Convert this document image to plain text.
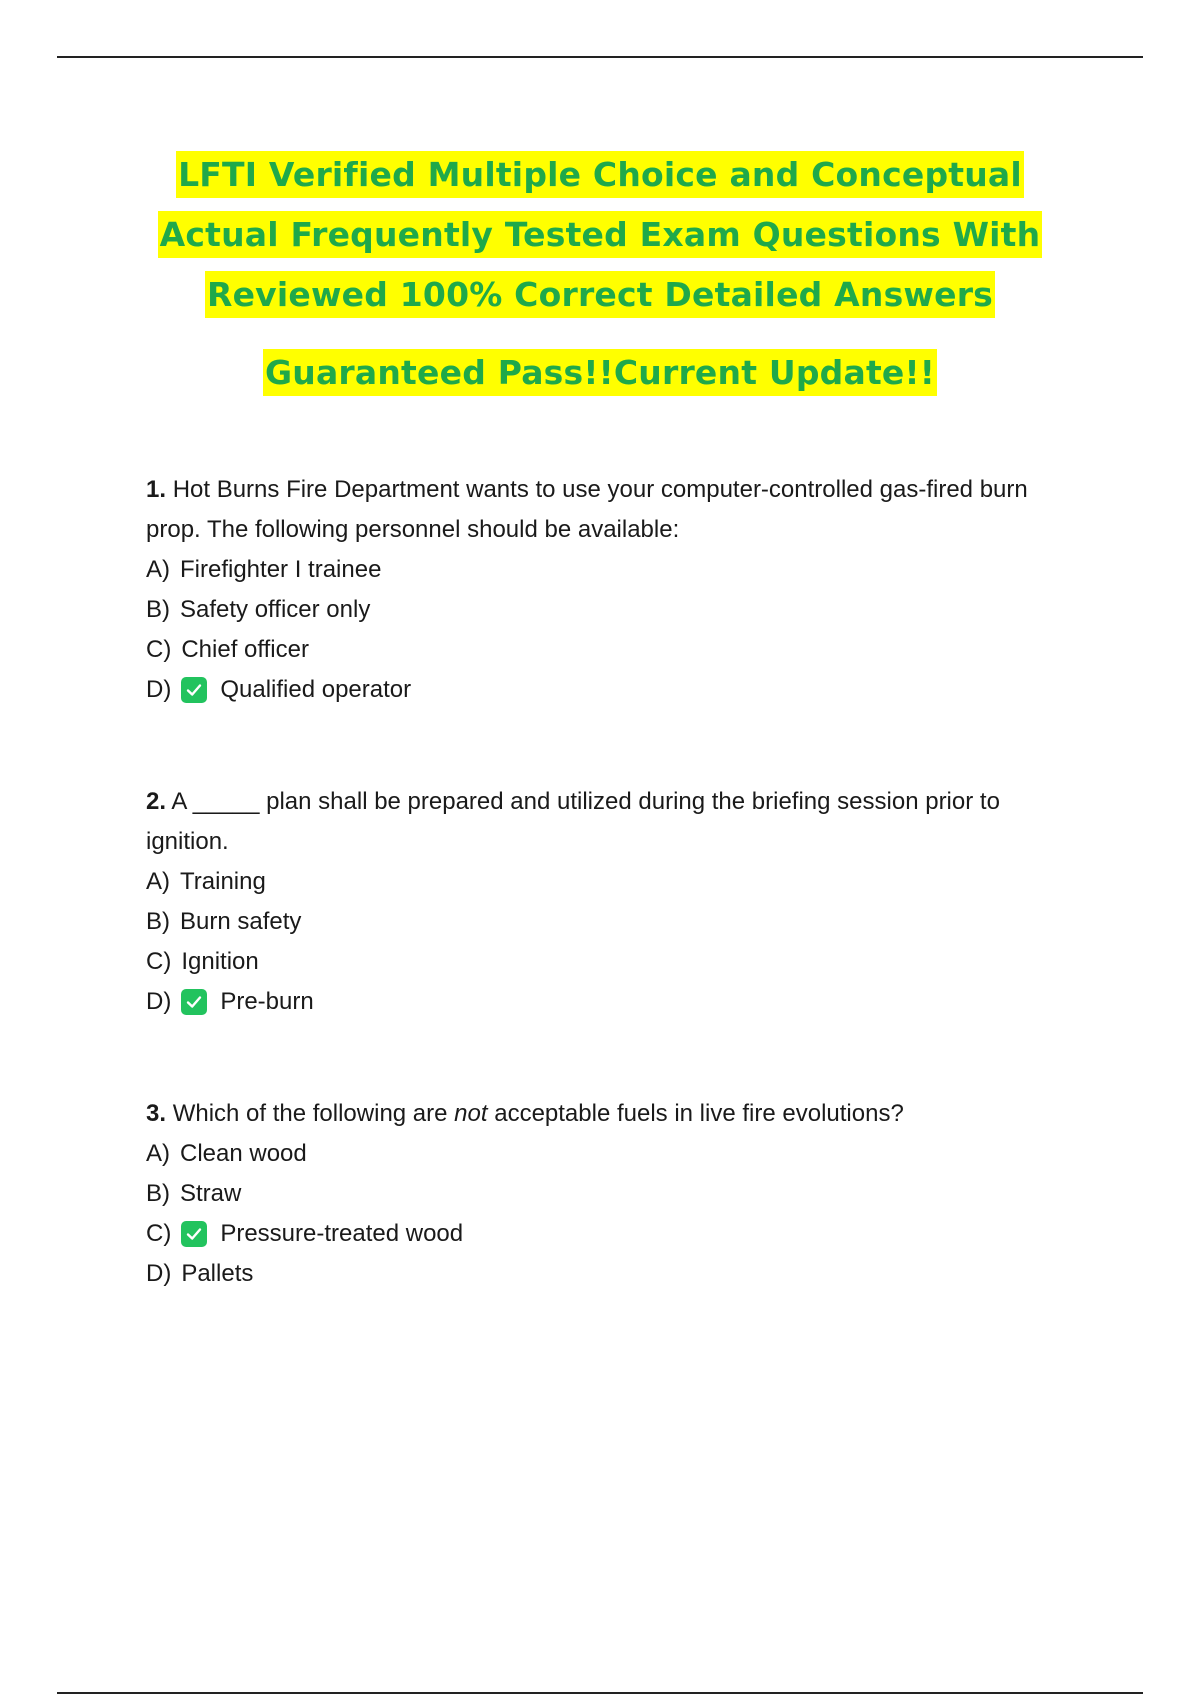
LFTI Verified Multiple Choice and Conceptual
Actual Frequently Tested Exam Questions With
Reviewed 100% Correct Detailed Answers
Guaranteed Pass!!Current Update!!

1. Hot Burns Fire Department wants to use your computer-controlled gas-fired burn prop. The following personnel should be available:

A) Firefighter I trainee
B) Safety officer only
C) Chief officer
D) Qualified operator

2. A _____ plan shall be prepared and utilized during the briefing session prior to ignition.

A) Training
B) Burn safety
C) Ignition
D) Pre-burn

3. Which of the following are not acceptable fuels in live fire evolutions?

A) Clean wood
B) Straw
C) Pressure-treated wood
D) Pallets
